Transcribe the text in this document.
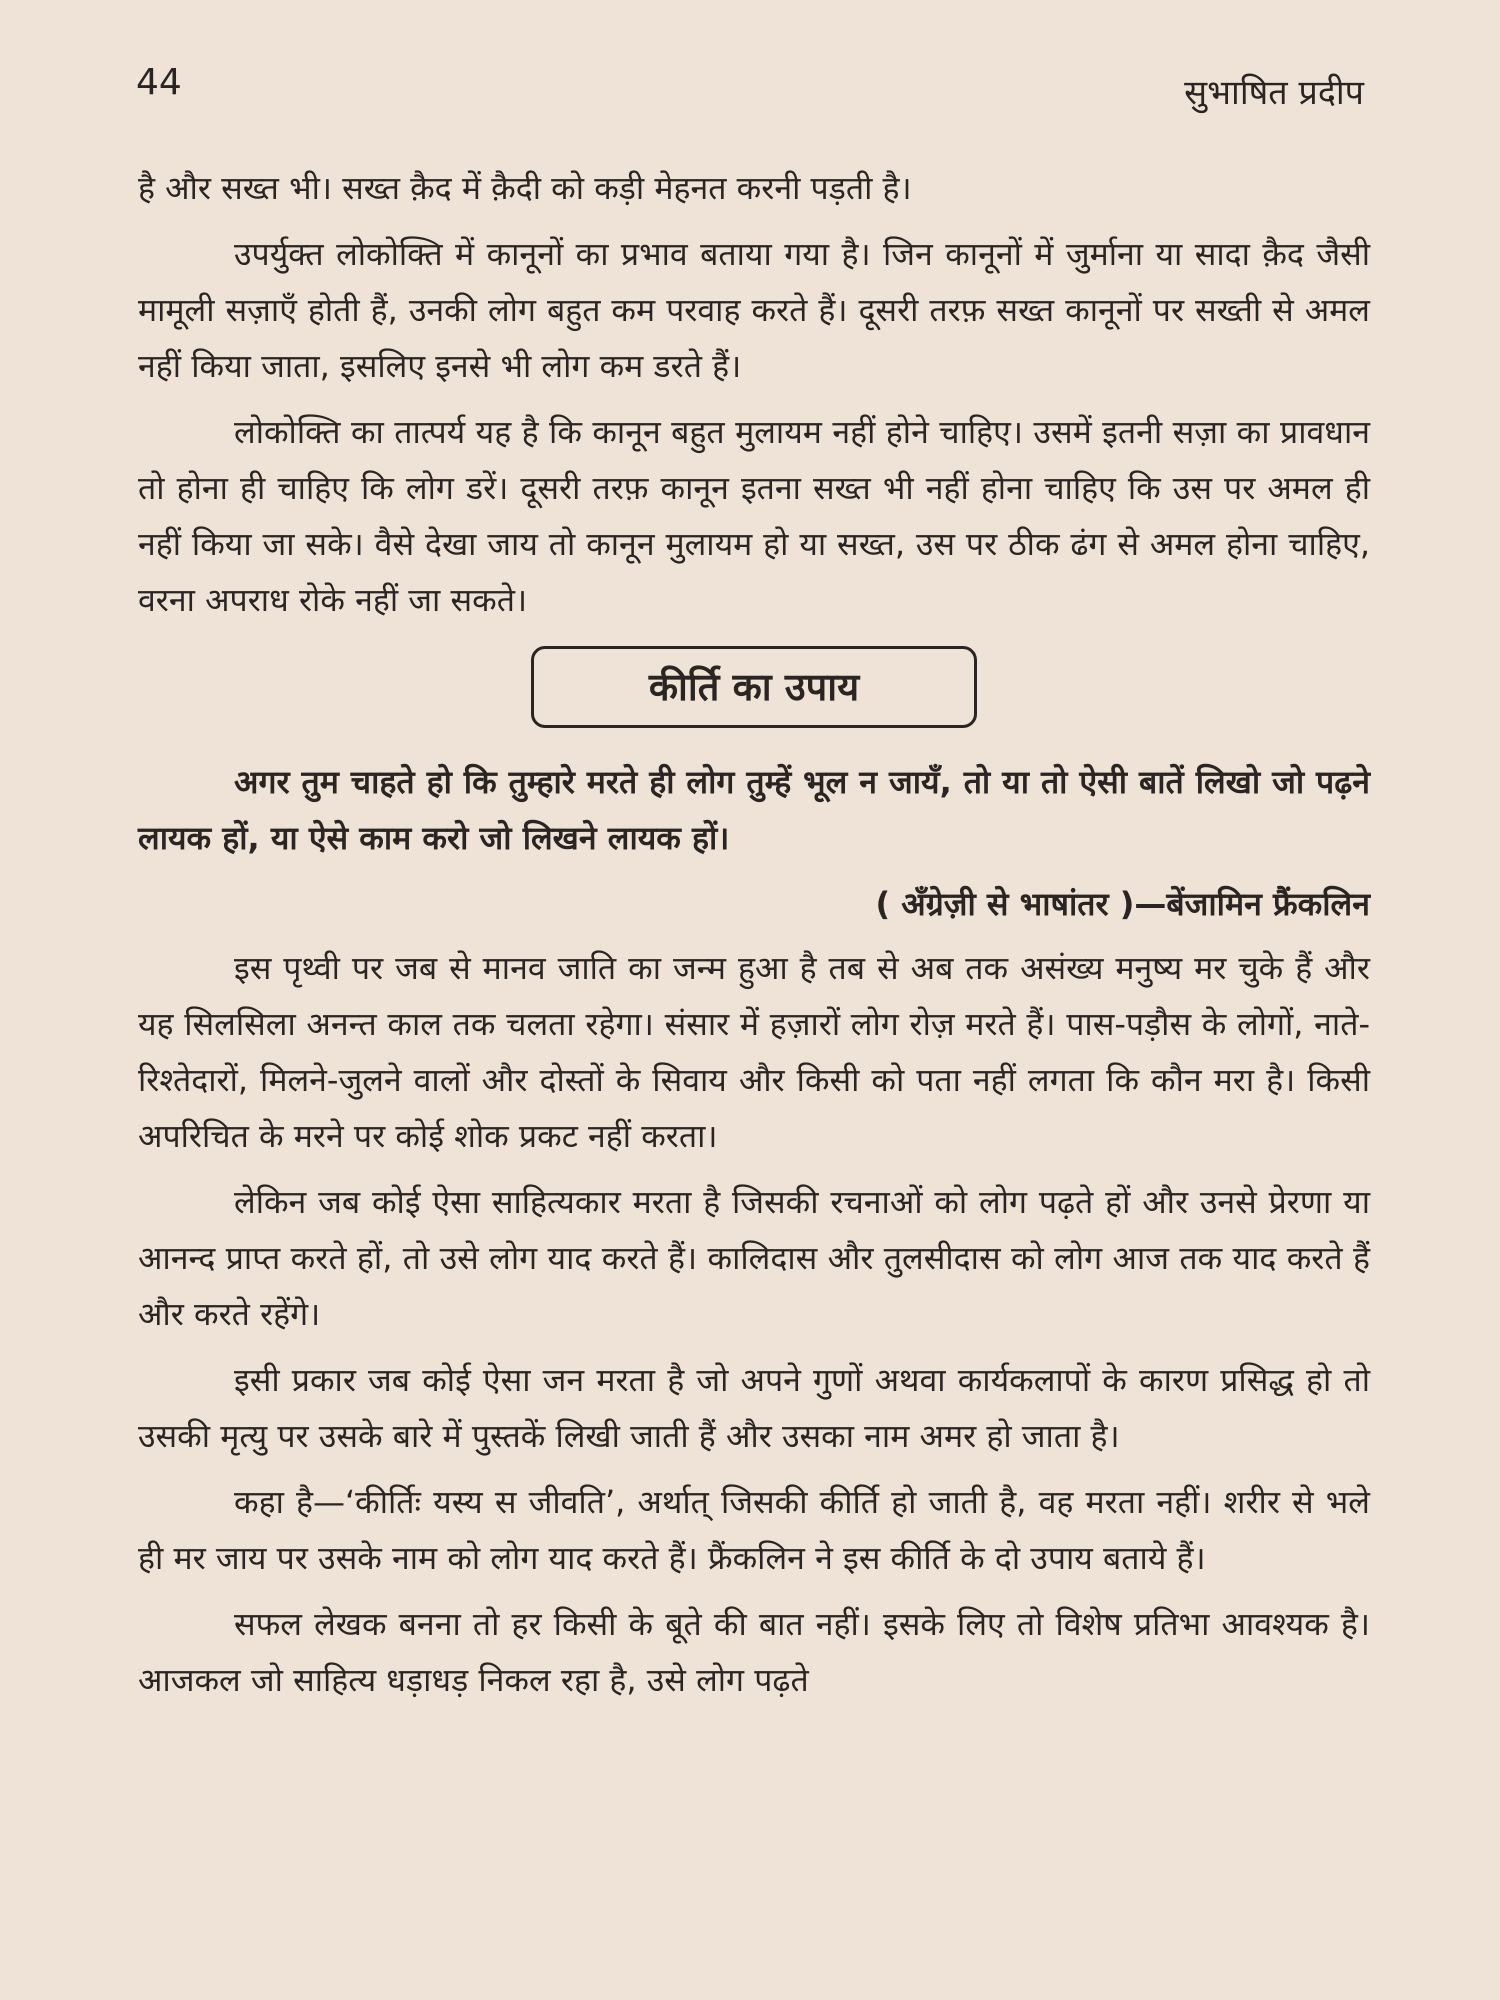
44	सुभाषित प्रदीप

है और सख्त भी। सख्त क़ैद में क़ैदी को कड़ी मेहनत करनी पड़ती है।

उपर्युक्त लोकोक्ति में कानूनों का प्रभाव बताया गया है। जिन कानूनों में जुर्माना या सादा क़ैद जैसी मामूली सज़ाएँ होती हैं, उनकी लोग बहुत कम परवाह करते हैं। दूसरी तरफ़ सख्त कानूनों पर सख्ती से अमल नहीं किया जाता, इसलिए इनसे भी लोग कम डरते हैं।

लोकोक्ति का तात्पर्य यह है कि कानून बहुत मुलायम नहीं होने चाहिए। उसमें इतनी सज़ा का प्रावधान तो होना ही चाहिए कि लोग डरें। दूसरी तरफ़ कानून इतना सख्त भी नहीं होना चाहिए कि उस पर अमल ही नहीं किया जा सके। वैसे देखा जाय तो कानून मुलायम हो या सख्त, उस पर ठीक ढंग से अमल होना चाहिए, वरना अपराध रोके नहीं जा सकते।

कीर्ति का उपाय

अगर तुम चाहते हो कि तुम्हारे मरते ही लोग तुम्हें भूल न जायँ, तो या तो ऐसी बातें लिखो जो पढ़ने लायक हों, या ऐसे काम करो जो लिखने लायक हों।

( अँग्रेज़ी से भाषांतर )—बेंजामिन फ्रैंकलिन

इस पृथ्वी पर जब से मानव जाति का जन्म हुआ है तब से अब तक असंख्य मनुष्य मर चुके हैं और यह सिलसिला अनन्त काल तक चलता रहेगा। संसार में हज़ारों लोग रोज़ मरते हैं। पास-पड़ौस के लोगों, नाते-रिश्तेदारों, मिलने-जुलने वालों और दोस्तों के सिवाय और किसी को पता नहीं लगता कि कौन मरा है। किसी अपरिचित के मरने पर कोई शोक प्रकट नहीं करता।

लेकिन जब कोई ऐसा साहित्यकार मरता है जिसकी रचनाओं को लोग पढ़ते हों और उनसे प्रेरणा या आनन्द प्राप्त करते हों, तो उसे लोग याद करते हैं। कालिदास और तुलसीदास को लोग आज तक याद करते हैं और करते रहेंगे।

इसी प्रकार जब कोई ऐसा जन मरता है जो अपने गुणों अथवा कार्यकलापों के कारण प्रसिद्ध हो तो उसकी मृत्यु पर उसके बारे में पुस्तकें लिखी जाती हैं और उसका नाम अमर हो जाता है।

कहा है—‘कीर्तिः यस्य स जीवति’, अर्थात् जिसकी कीर्ति हो जाती है, वह मरता नहीं। शरीर से भले ही मर जाय पर उसके नाम को लोग याद करते हैं। फ्रैंकलिन ने इस कीर्ति के दो उपाय बताये हैं।

सफल लेखक बनना तो हर किसी के बूते की बात नहीं। इसके लिए तो विशेष प्रतिभा आवश्यक है। आजकल जो साहित्य धड़ाधड़ निकल रहा है, उसे लोग पढ़ते
